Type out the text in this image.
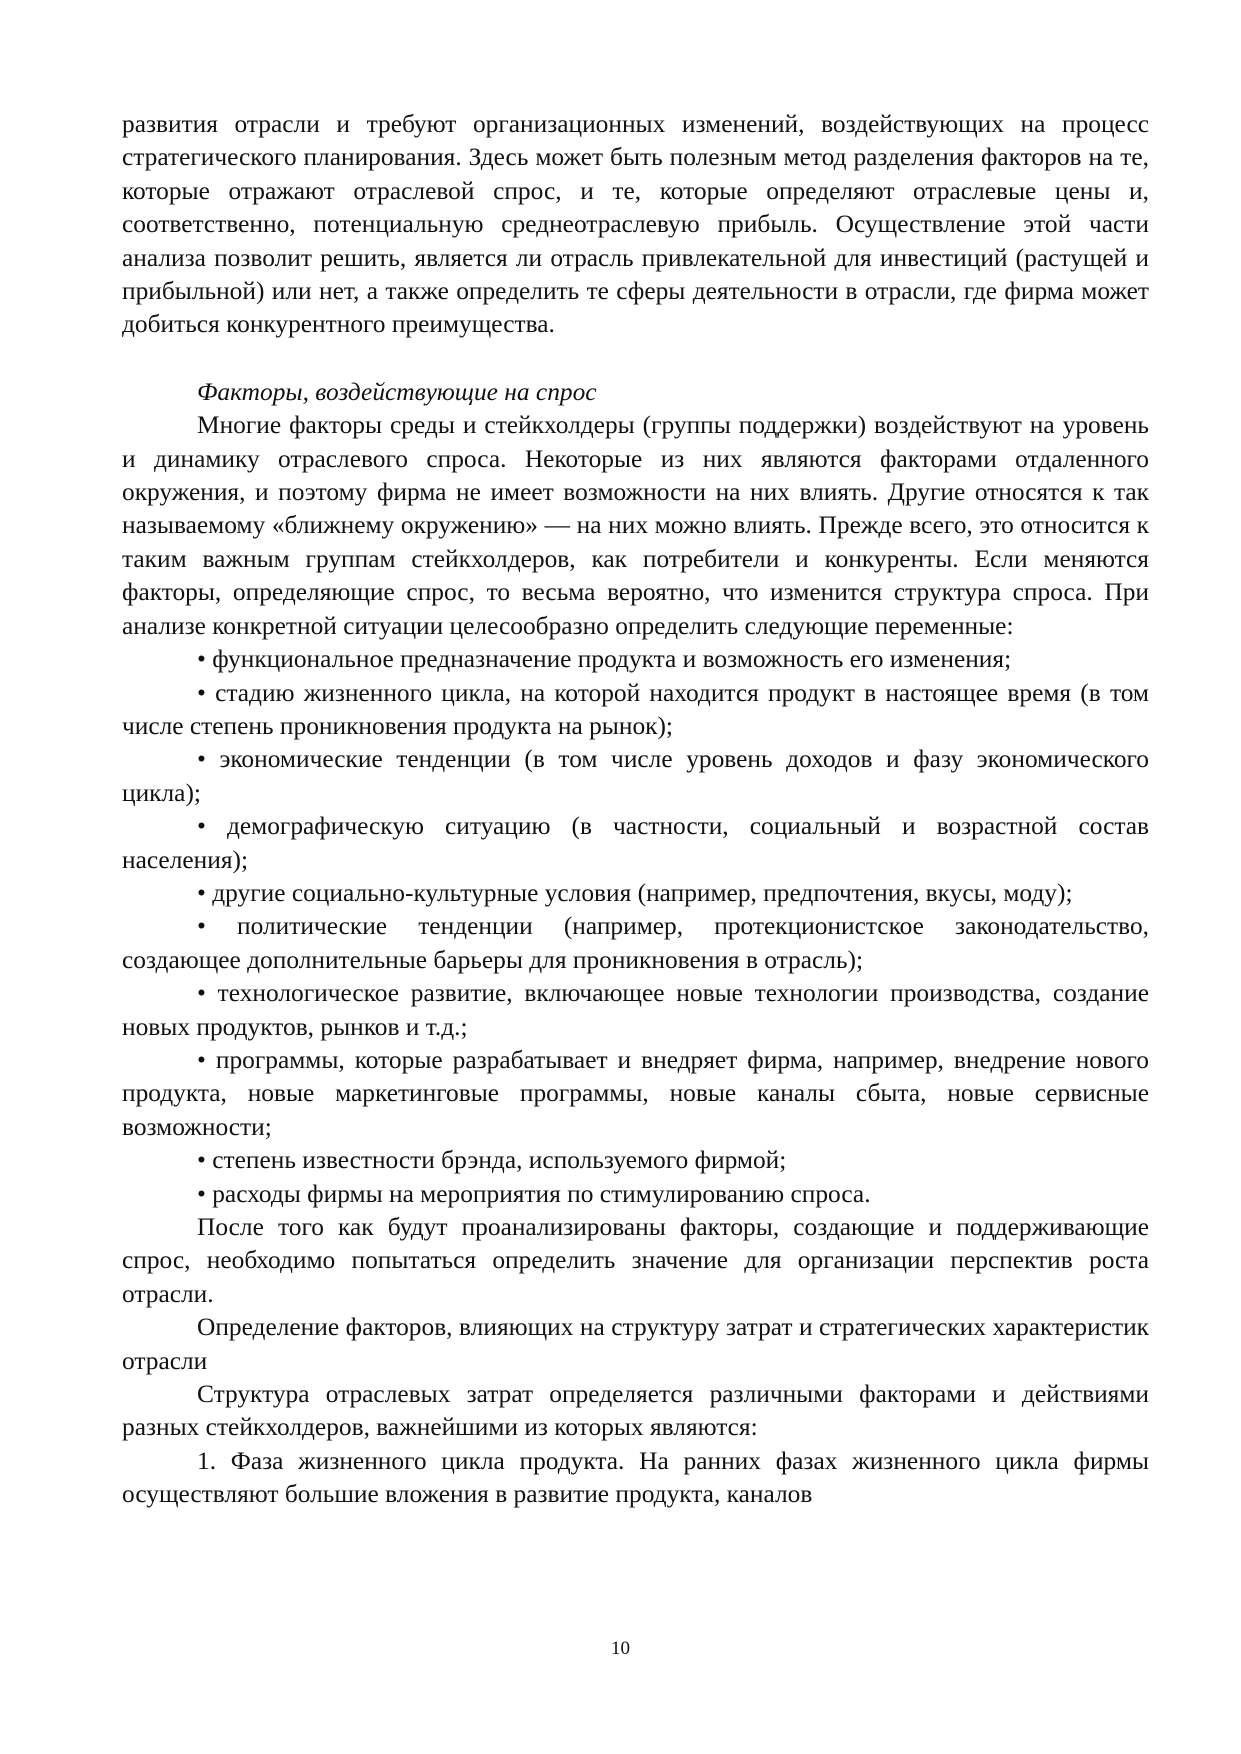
развития отрасли и требуют организационных изменений, воздействующих на процесс стратегического планирования. Здесь может быть полезным метод разделения факторов на те, которые отражают отраслевой спрос, и те, которые определяют отраслевые цены и, соответственно, потенциальную среднеотраслевую прибыль. Осуществление этой части анализа позволит решить, является ли отрасль привлекательной для инвестиций (растущей и прибыльной) или нет, а также определить те сферы деятельности в отрасли, где фирма может добиться конкурентного преимущества.

Факторы, воздействующие на спрос

Многие факторы среды и стейкхолдеры (группы поддержки) воздействуют на уровень и динамику отраслевого спроса. Некоторые из них являются факторами отдаленного окружения, и поэтому фирма не имеет возможности на них влиять. Другие относятся к так называемому «ближнему окружению» — на них можно влиять. Прежде всего, это относится к таким важным группам стейкхолдеров, как потребители и конкуренты. Если меняются факторы, определяющие спрос, то весьма вероятно, что изменится структура спроса. При анализе конкретной ситуации целесообразно определить следующие переменные:

• функциональное предназначение продукта и возможность его изменения;

• стадию жизненного цикла, на которой находится продукт в настоящее время (в том числе степень проникновения продукта на рынок);

• экономические тенденции (в том числе уровень доходов и фазу экономического цикла);

• демографическую ситуацию (в частности, социальный и возрастной состав населения);

• другие социально-культурные условия (например, предпочтения, вкусы, моду);

• политические тенденции (например, протекционистское законодательство, создающее дополнительные барьеры для проникновения в отрасль);

• технологическое развитие, включающее новые технологии производства, создание новых продуктов, рынков и т.д.;

• программы, которые разрабатывает и внедряет фирма, например, внедрение нового продукта, новые маркетинговые программы, новые каналы сбыта, новые сервисные возможности;

• степень известности брэнда, используемого фирмой;

• расходы фирмы на мероприятия по стимулированию спроса.

После того как будут проанализированы факторы, создающие и поддерживающие спрос, необходимо попытаться определить значение для организации перспектив роста отрасли.

Определение факторов, влияющих на структуру затрат и стратегических характеристик отрасли

Структура отраслевых затрат определяется различными факторами и действиями разных стейкхолдеров, важнейшими из которых являются:

1. Фаза жизненного цикла продукта. На ранних фазах жизненного цикла фирмы осуществляют большие вложения в развитие продукта, каналов

10
